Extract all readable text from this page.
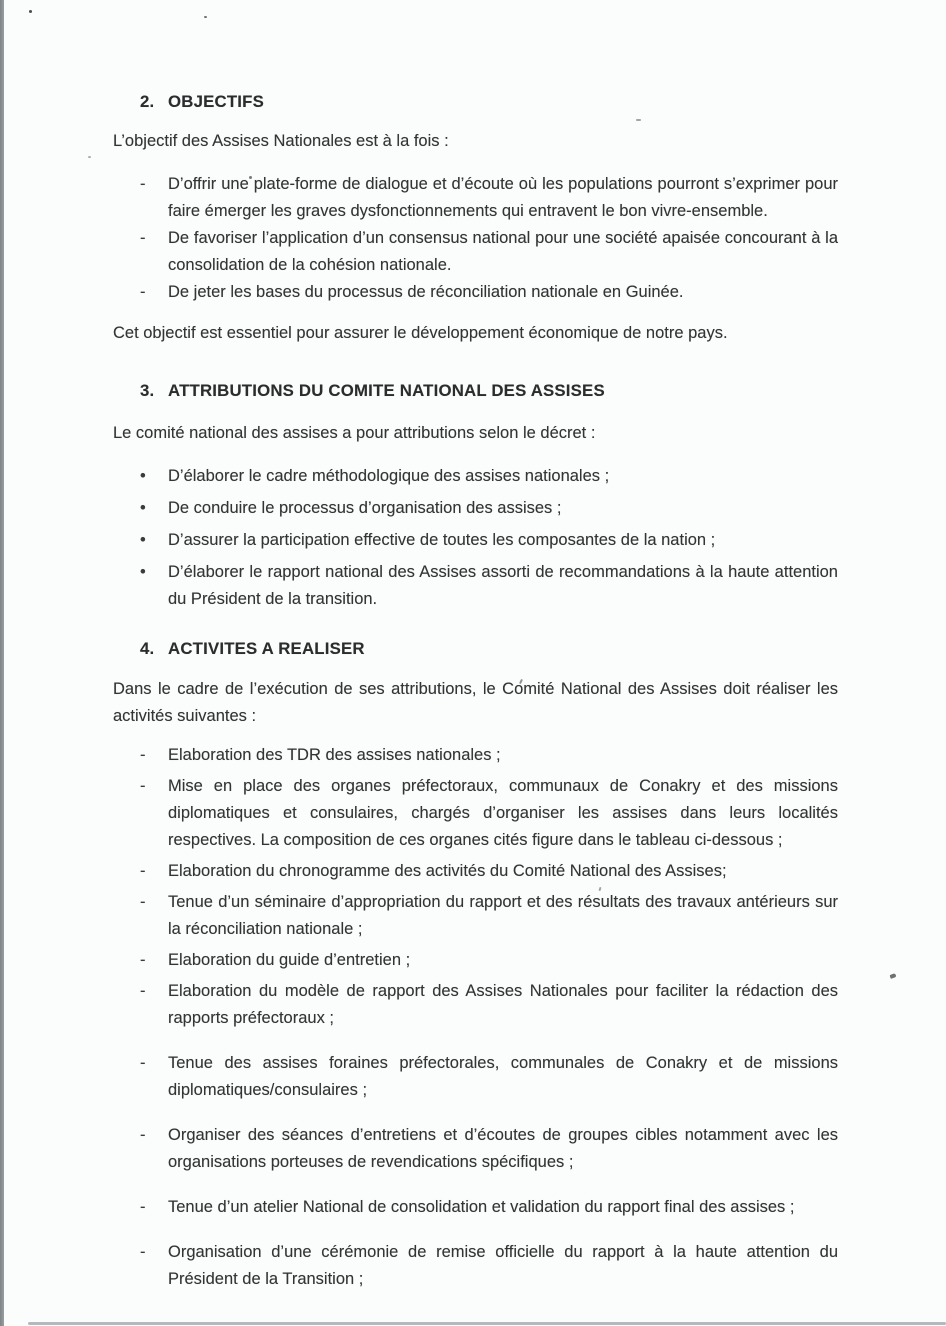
2. OBJECTIFS

L’objectif des Assises Nationales est à la fois :

-	D’offrir une plate-forme de dialogue et d’écoute où les populations pourront s’exprimer pour faire émerger les graves dysfonctionnements qui entravent le bon vivre-ensemble.
-	De favoriser l’application d’un consensus national pour une société apaisée concourant à la consolidation de la cohésion nationale.
-	De jeter les bases du processus de réconciliation nationale en Guinée.

Cet objectif est essentiel pour assurer le développement économique de notre pays.

3. ATTRIBUTIONS DU COMITE NATIONAL DES ASSISES

Le comité national des assises a pour attributions selon le décret :

•	D’élaborer le cadre méthodologique des assises nationales ;
•	De conduire le processus d’organisation des assises ;
•	D’assurer la participation effective de toutes les composantes de la nation ;
•	D’élaborer le rapport national des Assises assorti de recommandations à la haute attention du Président de la transition.
4. ACTIVITES A REALISER

Dans le cadre de l’exécution de ses attributions, le Comité National des Assises doit réaliser les activités suivantes :

-	Elaboration des TDR des assises nationales ;
-	Mise en place des organes préfectoraux, communaux de Conakry et des missions diplomatiques et consulaires, chargés d’organiser les assises dans leurs localités respectives. La composition de ces organes cités figure dans le tableau ci-dessous ;
-	Elaboration du chronogramme des activités du Comité National des Assises;
-	Tenue d’un séminaire d’appropriation du rapport et des résultats des travaux antérieurs sur la réconciliation nationale ;
-	Elaboration du guide d’entretien ;
-	Elaboration du modèle de rapport des Assises Nationales pour faciliter la rédaction des rapports préfectoraux ;
-	Tenue des assises foraines préfectorales, communales de Conakry et de missions diplomatiques/consulaires ;
-	Organiser des séances d’entretiens et d’écoutes de groupes cibles notamment avec les organisations porteuses de revendications spécifiques ;
-	Tenue d’un atelier National de consolidation et validation du rapport final des assises ;
-	Organisation d’une cérémonie de remise officielle du rapport à la haute attention du Président de la Transition ;
